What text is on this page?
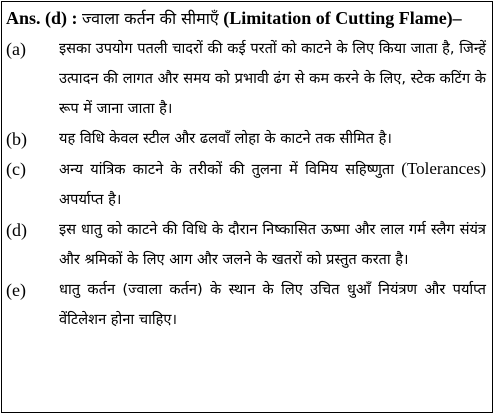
Ans. (d) : ज्वाला कर्तन की सीमाएँ (Limitation of Cutting Flame)–
(a)	इसका उपयोग पतली चादरों की कई परतों को काटने के लिए किया जाता है, जिन्हें उत्पादन की लागत और समय को प्रभावी ढंग से कम करने के लिए, स्टेक कटिंग के रूप में जाना जाता है।
(b)	यह विधि केवल स्टील और ढलवाँ लोहा के काटने तक सीमित है।
(c)	अन्य यांत्रिक काटने के तरीकों की तुलना में विमिय सहिष्णुता (Tolerances) अपर्याप्त है।
(d)	इस धातु को काटने की विधि के दौरान निष्कासित ऊष्मा और लाल गर्म स्लैग संयंत्र और श्रमिकों के लिए आग और जलने के खतरों को प्रस्तुत करता है।
(e)	धातु कर्तन (ज्वाला कर्तन) के स्थान के लिए उचित धुआँ नियंत्रण और पर्याप्त वेंटिलेशन होना चाहिए।
